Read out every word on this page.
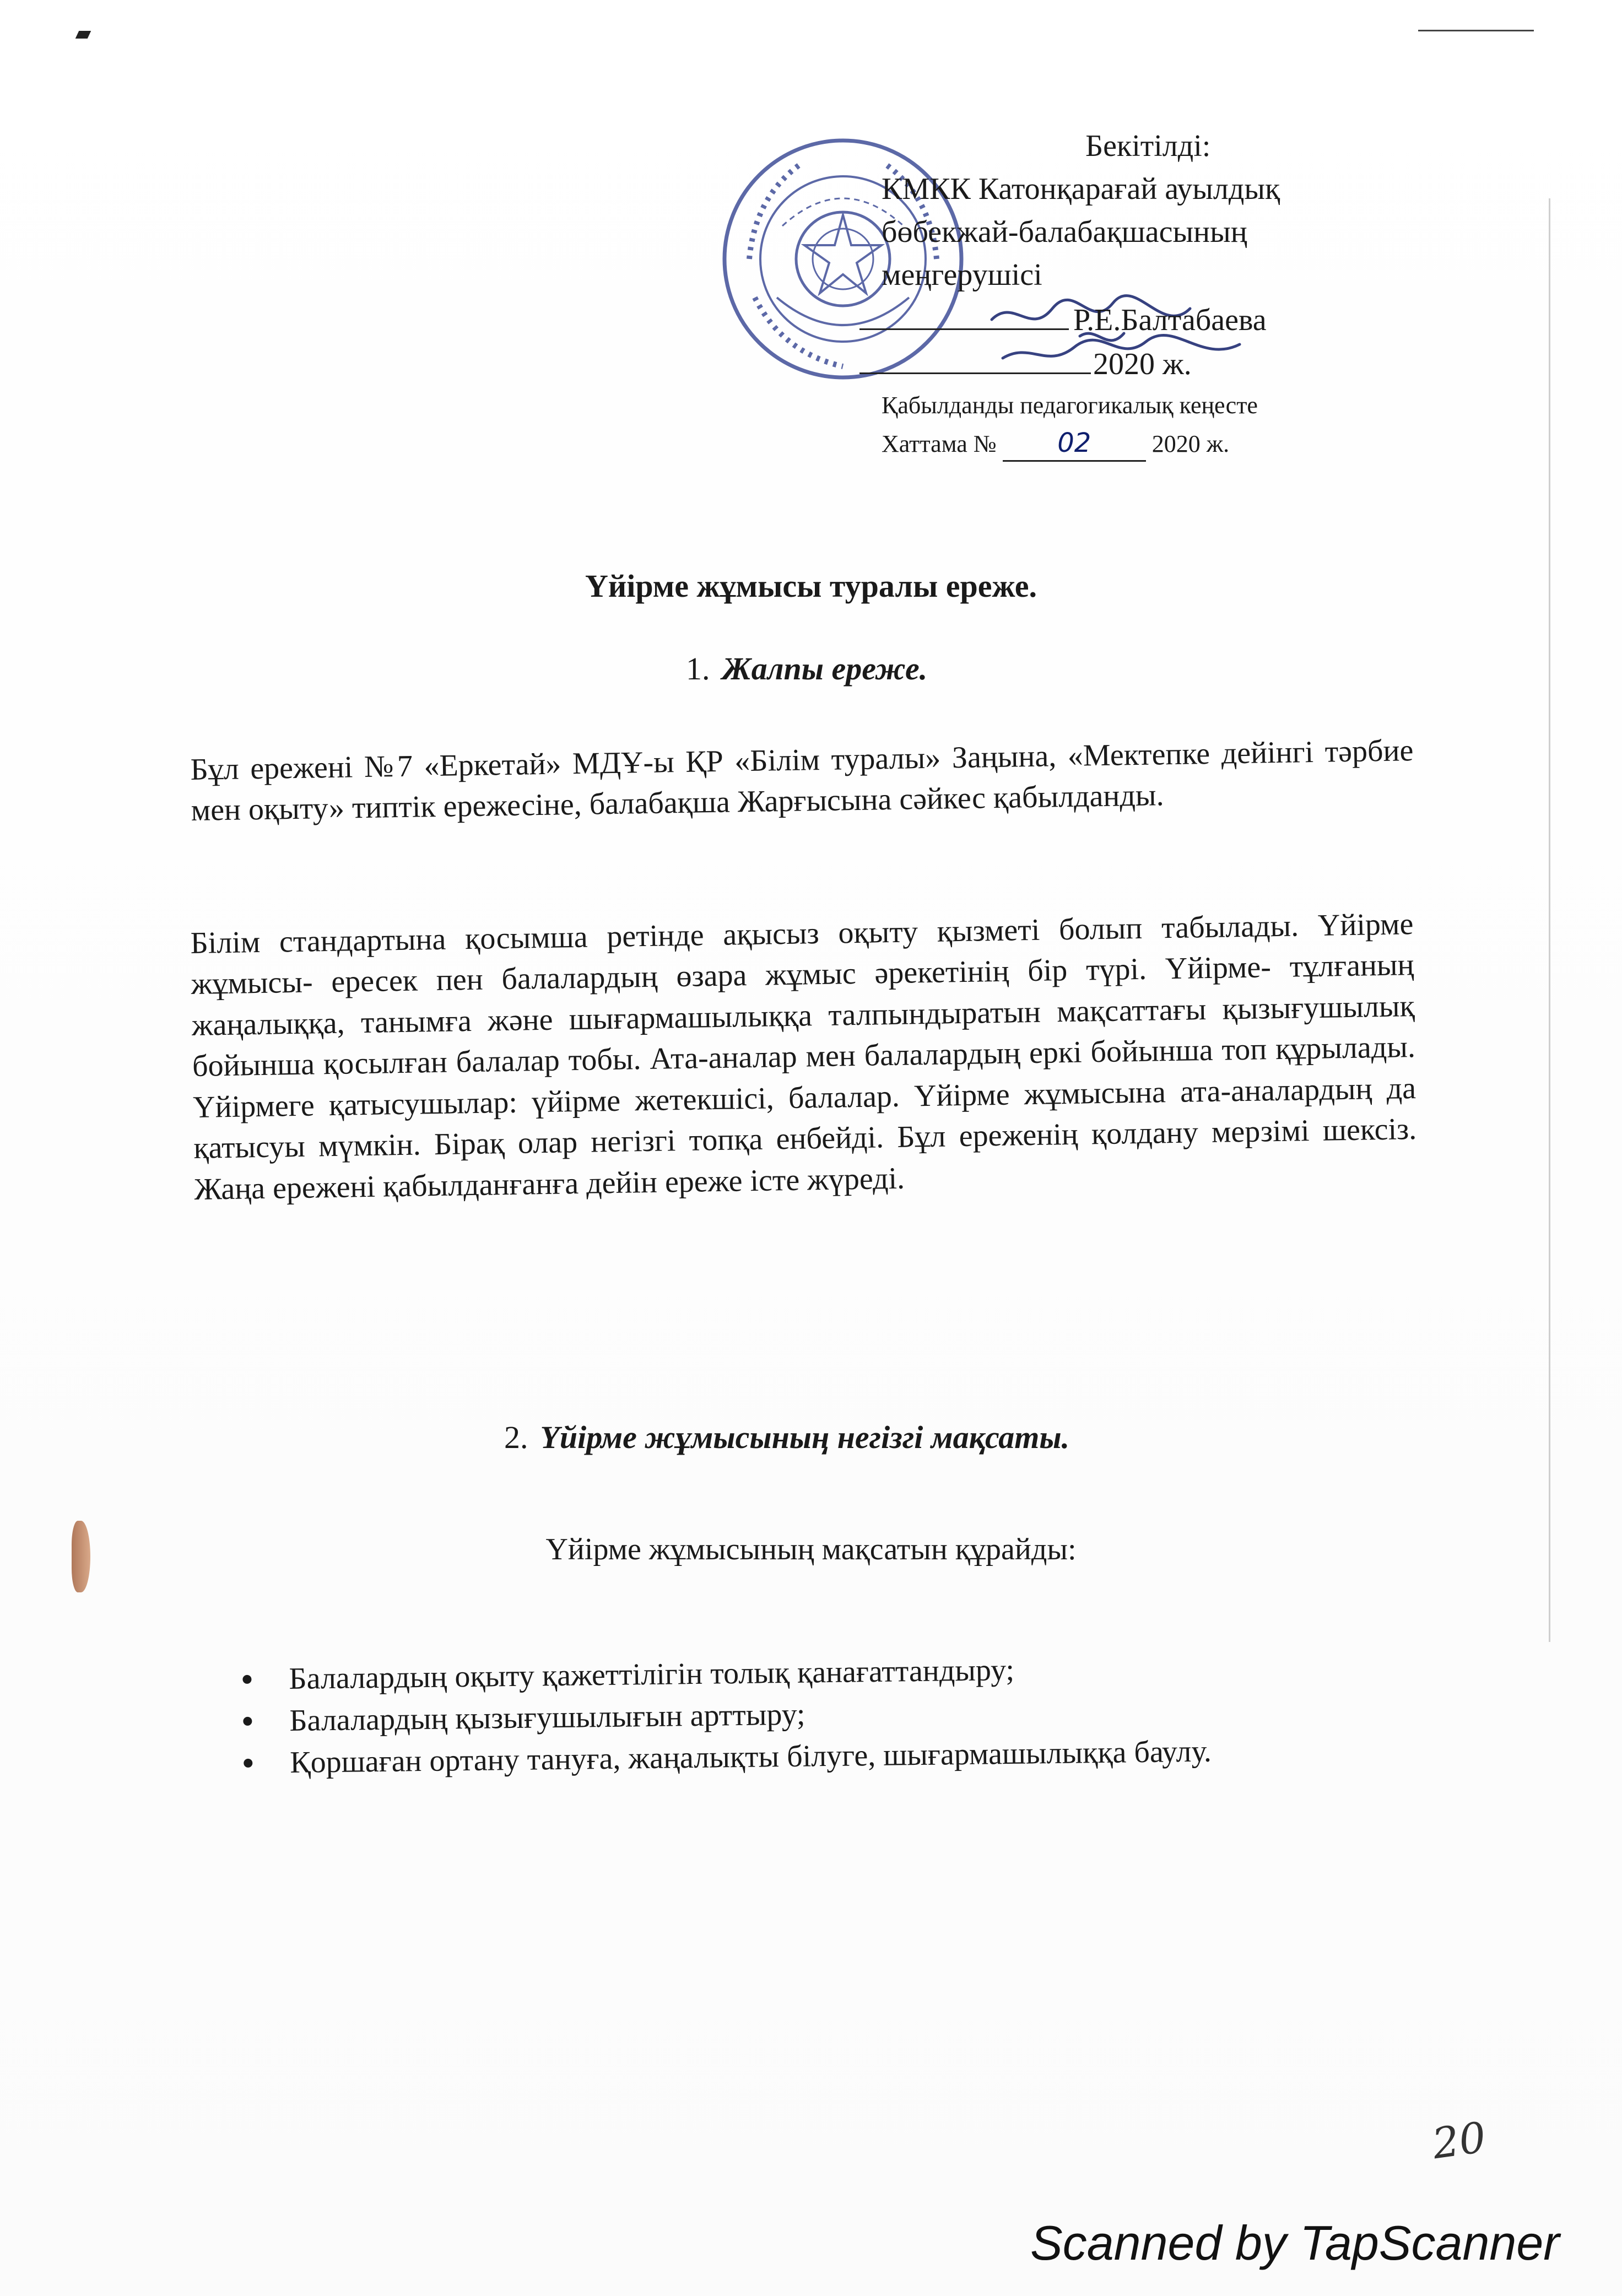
Бекітілді:
КМКК Катонқарағай ауылдық
бөбекжай-балабақшасының
меңгерушісі
Р.Е.Балтабаева
2020 ж.
Қабылданды педагогикалық кеңесте
Хаттама № 02	2020 ж.
Үйірме жұмысы туралы ереже.
1. Жалпы ереже.
Бұл ережені №7 «Еркетай» МДҰ-ы ҚР «Білім туралы» Заңына, «Мектепке дейінгі тәрбие мен оқыту» типтік ережесіне, балабақша Жарғысына сәйкес қабылданды.
Білім стандартына қосымша ретінде ақысыз оқыту қызметі болып табылады. Үйірме жұмысы- ересек пен балалардың өзара жұмыс әрекетінің бір түрі. Үйірме- тұлғаның жаңалыққа, танымға және шығармашылыққа талпындыратын мақсаттағы қызығушылық бойынша қосылған балалар тобы. Ата-аналар мен балалардың еркі бойынша топ құрылады. Үйірмеге қатысушылар: үйірме жетекшісі, балалар. Үйірме жұмысына ата-аналардың да қатысуы мүмкін. Бірақ олар негізгі топқа енбейді. Бұл ереженің қолдану мерзімі шексіз. Жаңа ережені қабылданғанға дейін ереже істе жүреді.
2. Үйірме жұмысының негізгі мақсаты.
Үйірме жұмысының мақсатын құрайды:
Балалардың оқыту қажеттілігін толық қанағаттандыру;
Балалардың қызығушылығын арттыру;
Қоршаған ортану тануға, жаңалықты білуге, шығармашылыққа баулу.
20
Scanned by TapScanner
